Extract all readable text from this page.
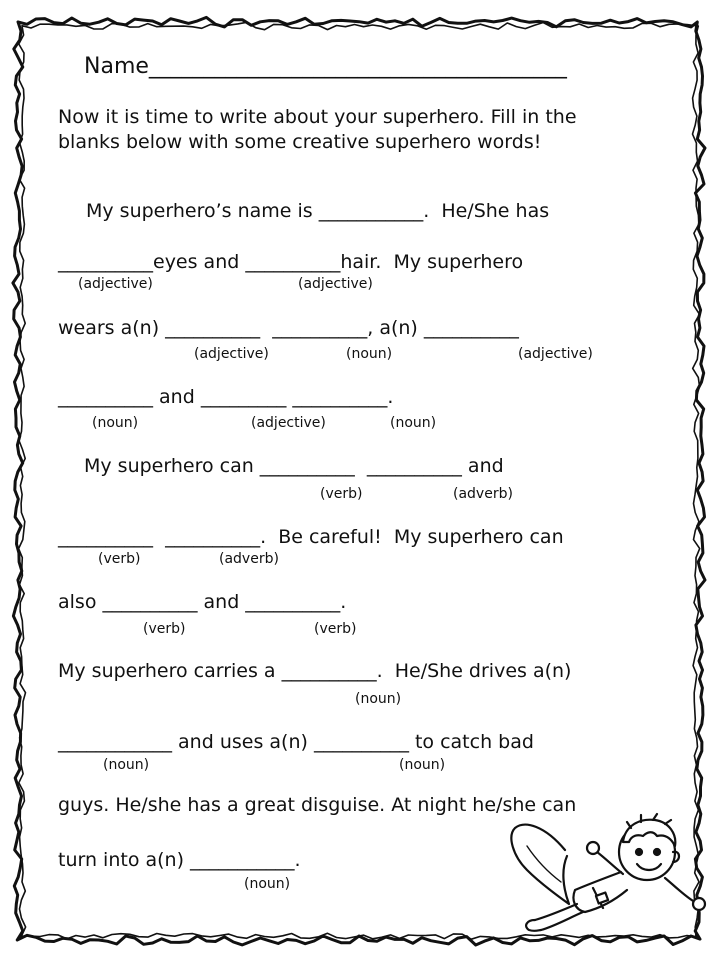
Name______________________________________
Now it is time to write about your superhero. Fill in the
blanks below with some creative superhero words!
My superhero’s name is ___________.  He/She has
__________eyes and __________hair.  My superhero
wears a(n) __________  __________, a(n) __________
__________ and _________ __________.
My superhero can __________  __________ and
__________  __________.  Be careful!  My superhero can
also __________ and __________.
My superhero carries a __________.  He/She drives a(n)
____________ and uses a(n) __________ to catch bad
guys. He/she has a great disguise. At night he/she can
turn into a(n) ___________.
(adjective)	(adjective)
(adjective)	(noun)	(adjective)
(noun)	(adjective)	(noun)
(verb)	(adverb)
(verb)	(adverb)
(verb)	(verb)
(noun)
(noun)	(noun)
(noun)
